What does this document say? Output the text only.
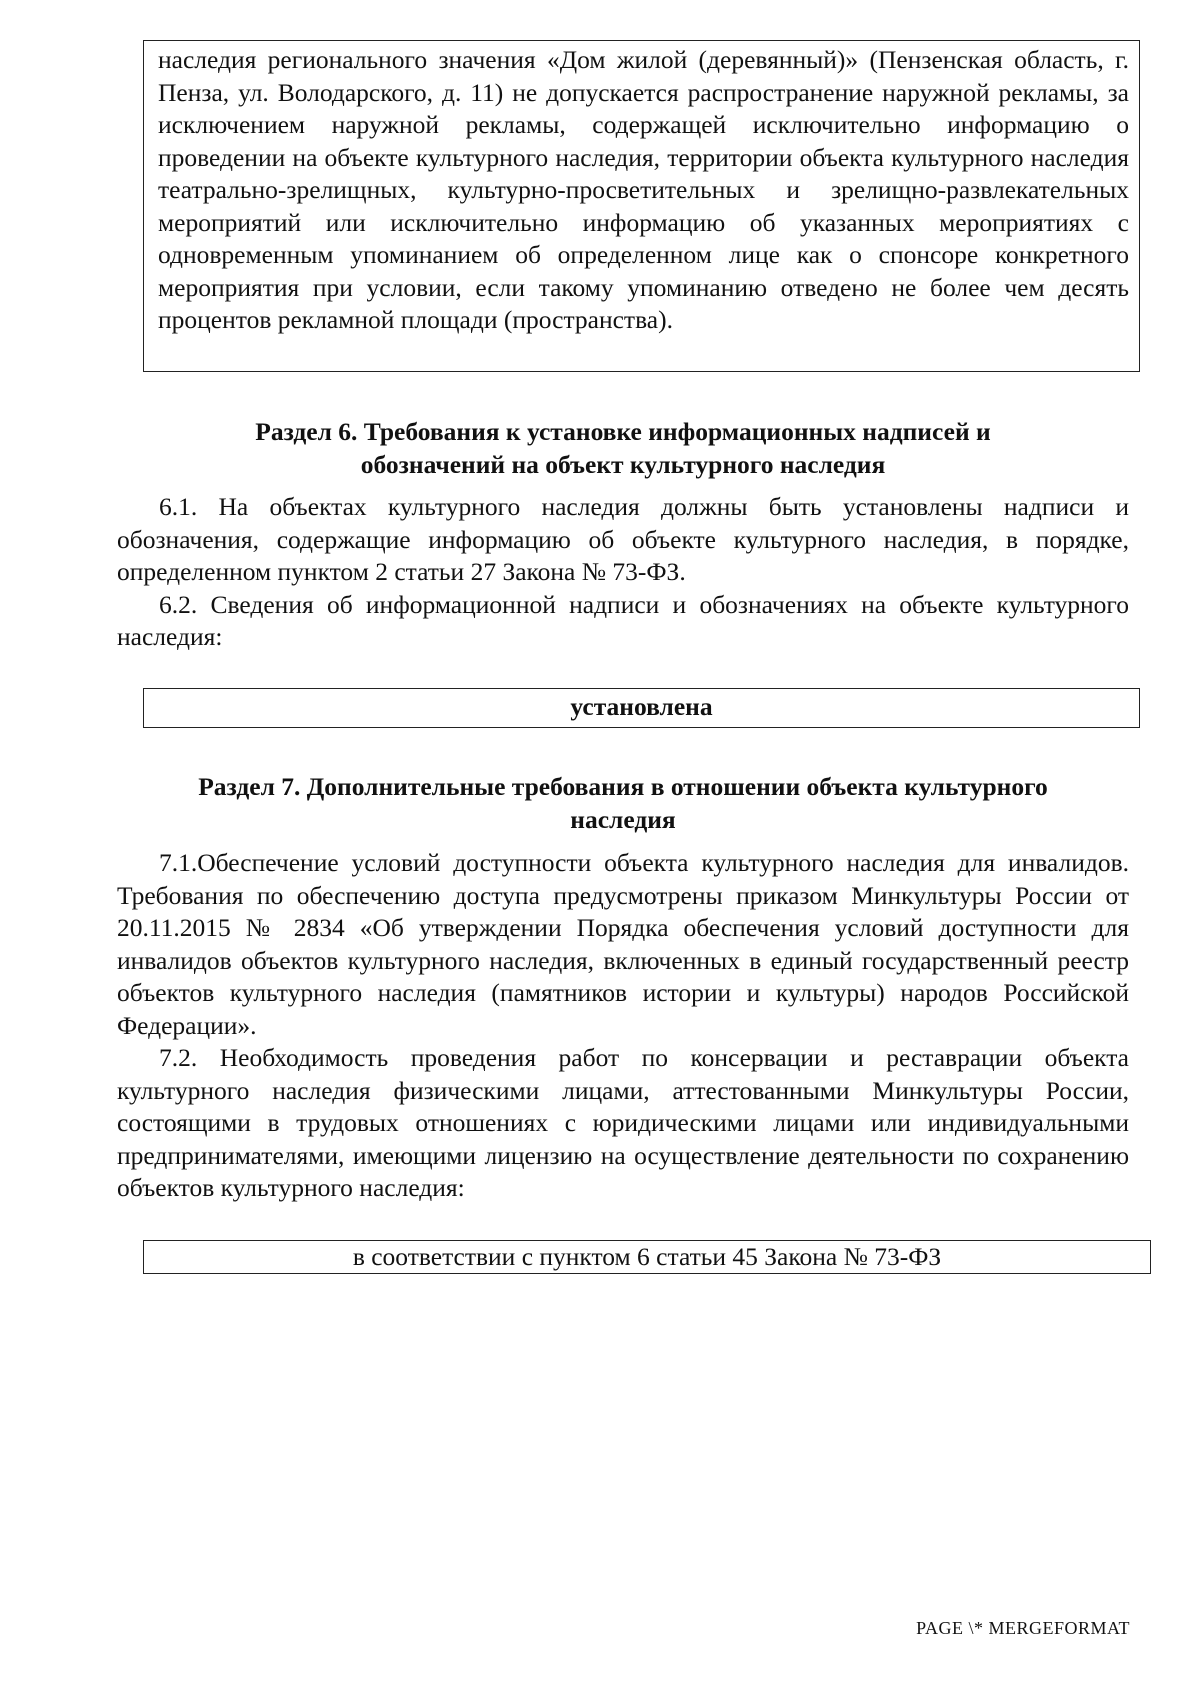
наследия регионального значения «Дом жилой (деревянный)» (Пензенская область, г. Пенза, ул. Володарского, д. 11) не допускается распространение наружной рекламы, за исключением наружной рекламы, содержащей исключительно информацию о проведении на объекте культурного наследия, территории объекта культурного наследия театрально-зрелищных, культурно-просветительных и зрелищно-развлекательных мероприятий или исключительно информацию об указанных мероприятиях с одновременным упоминанием об определенном лице как о спонсоре конкретного мероприятия при условии, если такому упоминанию отведено не более чем десять процентов рекламной площади (пространства).

Раздел 6. Требования к установке информационных надписей и
обозначений на объект культурного наследия

6.1. На объектах культурного наследия должны быть установлены надписи и обозначения, содержащие информацию об объекте культурного наследия, в порядке, определенном пунктом 2 статьи 27 Закона № 73-ФЗ.

6.2. Сведения об информационной надписи и обозначениях на объекте культурного наследия:

установлена
Раздел 7. Дополнительные требования в отношении объекта культурного
наследия

7.1.Обеспечение условий доступности объекта культурного наследия для инвалидов. Требования по обеспечению доступа предусмотрены приказом Минкультуры России от 20.11.2015 № 2834 «Об утверждении Порядка обеспечения условий доступности для инвалидов объектов культурного наследия, включенных в единый государственный реестр объектов культурного наследия (памятников истории и культуры) народов Российской Федерации».

7.2. Необходимость проведения работ по консервации и реставрации объекта культурного наследия физическими лицами, аттестованными Минкультуры России, состоящими в трудовых отношениях с юридическими лицами или индивидуальными предпринимателями, имеющими лицензию на осуществление деятельности по сохранению объектов культурного наследия:

в соответствии с пунктом 6 статьи 45 Закона № 73-ФЗ
PAGE \* MERGEFORMAT
